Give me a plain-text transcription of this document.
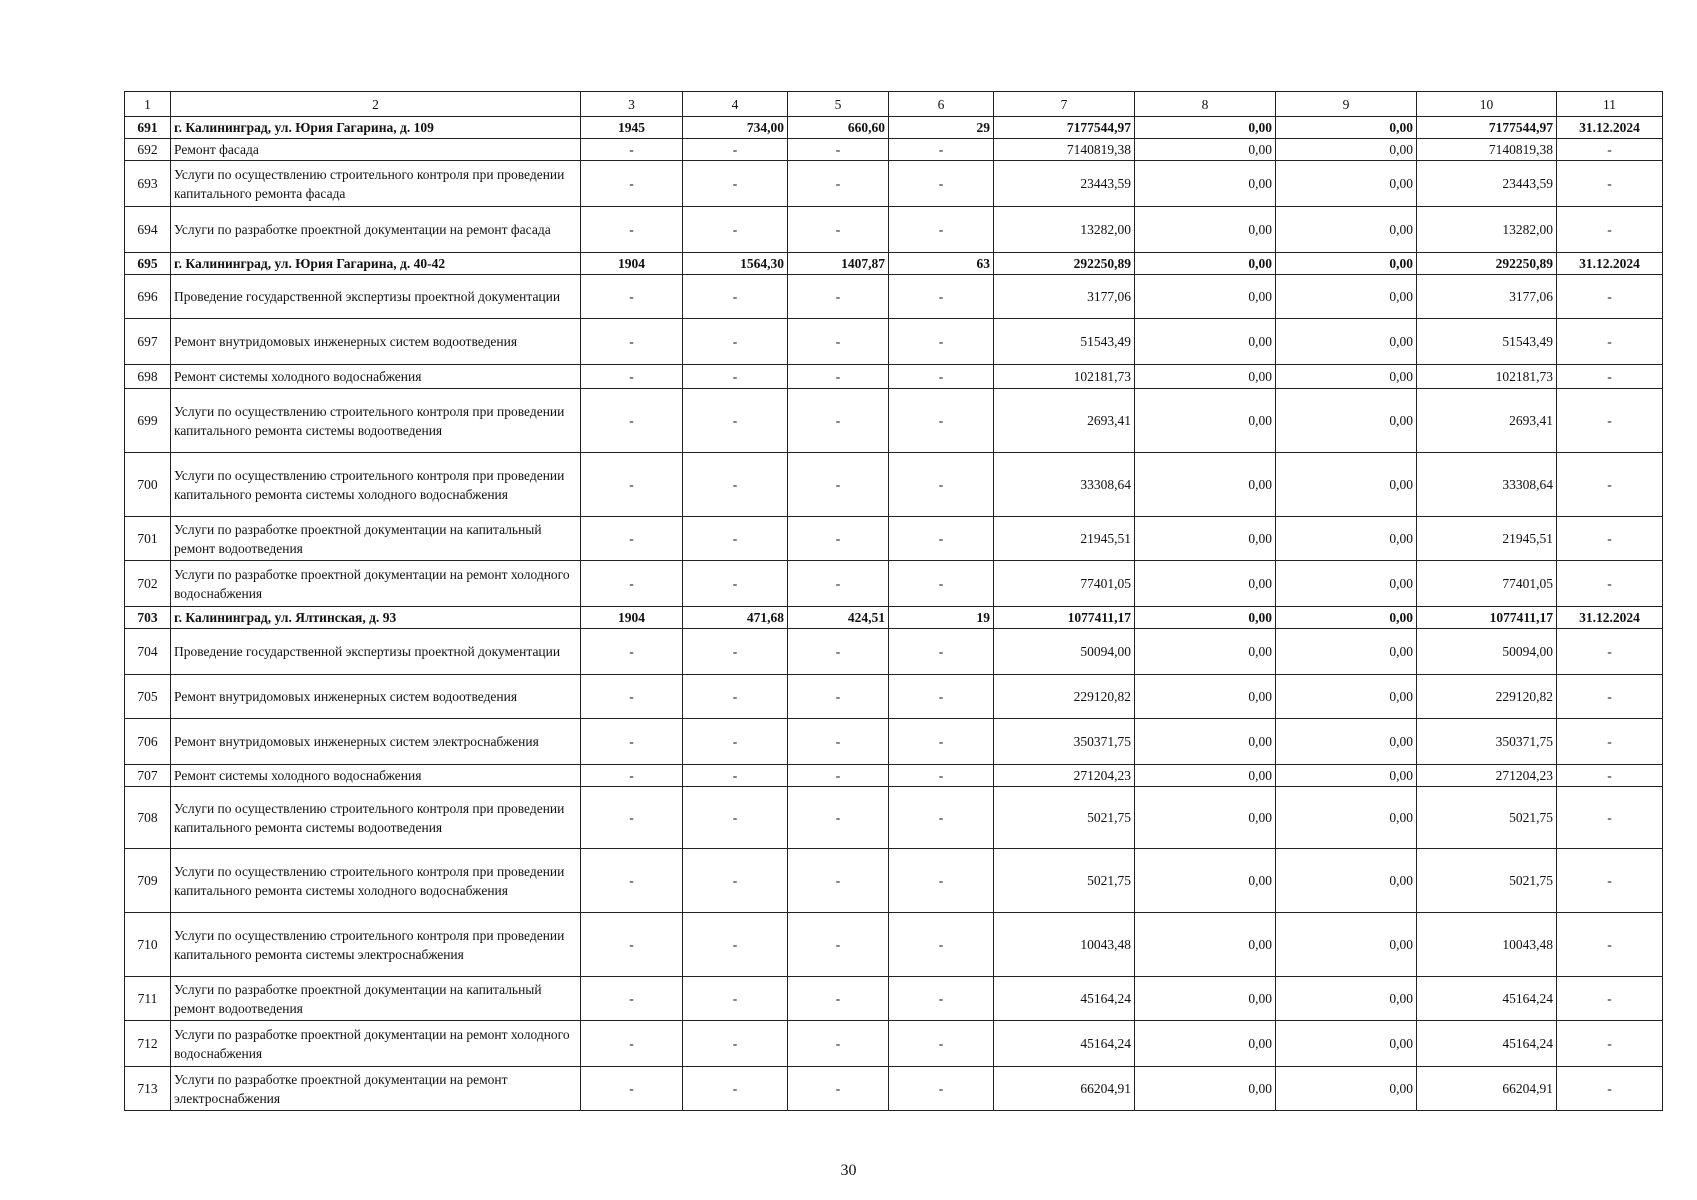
1	2	3	4	5	6	7	8	9	10	11
691	г. Калининград, ул. Юрия Гагарина, д. 109	1945	734,00	660,60	29	7177544,97	0,00	0,00	7177544,97	31.12.2024
692	Ремонт фасада	-	-	-	-	7140819,38	0,00	0,00	7140819,38	-
693	Услуги по осуществлению строительного контроля при проведении капитального ремонта фасада	-	-	-	-	23443,59	0,00	0,00	23443,59	-
694	Услуги по разработке проектной документации на ремонт фасада	-	-	-	-	13282,00	0,00	0,00	13282,00	-
695	г. Калининград, ул. Юрия Гагарина, д. 40-42	1904	1564,30	1407,87	63	292250,89	0,00	0,00	292250,89	31.12.2024
696	Проведение государственной экспертизы проектной документации	-	-	-	-	3177,06	0,00	0,00	3177,06	-
697	Ремонт внутридомовых инженерных систем водоотведения	-	-	-	-	51543,49	0,00	0,00	51543,49	-
698	Ремонт системы холодного водоснабжения	-	-	-	-	102181,73	0,00	0,00	102181,73	-
699	Услуги по осуществлению строительного контроля при проведении капитального ремонта системы водоотведения	-	-	-	-	2693,41	0,00	0,00	2693,41	-
700	Услуги по осуществлению строительного контроля при проведении капитального ремонта системы холодного водоснабжения	-	-	-	-	33308,64	0,00	0,00	33308,64	-
701	Услуги по разработке проектной документации на капитальный ремонт водоотведения	-	-	-	-	21945,51	0,00	0,00	21945,51	-
702	Услуги по разработке проектной документации на ремонт холодного водоснабжения	-	-	-	-	77401,05	0,00	0,00	77401,05	-
703	г. Калининград, ул. Ялтинская, д. 93	1904	471,68	424,51	19	1077411,17	0,00	0,00	1077411,17	31.12.2024
704	Проведение государственной экспертизы проектной документации	-	-	-	-	50094,00	0,00	0,00	50094,00	-
705	Ремонт внутридомовых инженерных систем водоотведения	-	-	-	-	229120,82	0,00	0,00	229120,82	-
706	Ремонт внутридомовых инженерных систем электроснабжения	-	-	-	-	350371,75	0,00	0,00	350371,75	-
707	Ремонт системы холодного водоснабжения	-	-	-	-	271204,23	0,00	0,00	271204,23	-
708	Услуги по осуществлению строительного контроля при проведении капитального ремонта системы водоотведения	-	-	-	-	5021,75	0,00	0,00	5021,75	-
709	Услуги по осуществлению строительного контроля при проведении капитального ремонта системы холодного водоснабжения	-	-	-	-	5021,75	0,00	0,00	5021,75	-
710	Услуги по осуществлению строительного контроля при проведении капитального ремонта системы электроснабжения	-	-	-	-	10043,48	0,00	0,00	10043,48	-
711	Услуги по разработке проектной документации на капитальный ремонт водоотведения	-	-	-	-	45164,24	0,00	0,00	45164,24	-
712	Услуги по разработке проектной документации на ремонт холодного водоснабжения	-	-	-	-	45164,24	0,00	0,00	45164,24	-
713	Услуги по разработке проектной документации на ремонт электроснабжения	-	-	-	-	66204,91	0,00	0,00	66204,91	-
30
